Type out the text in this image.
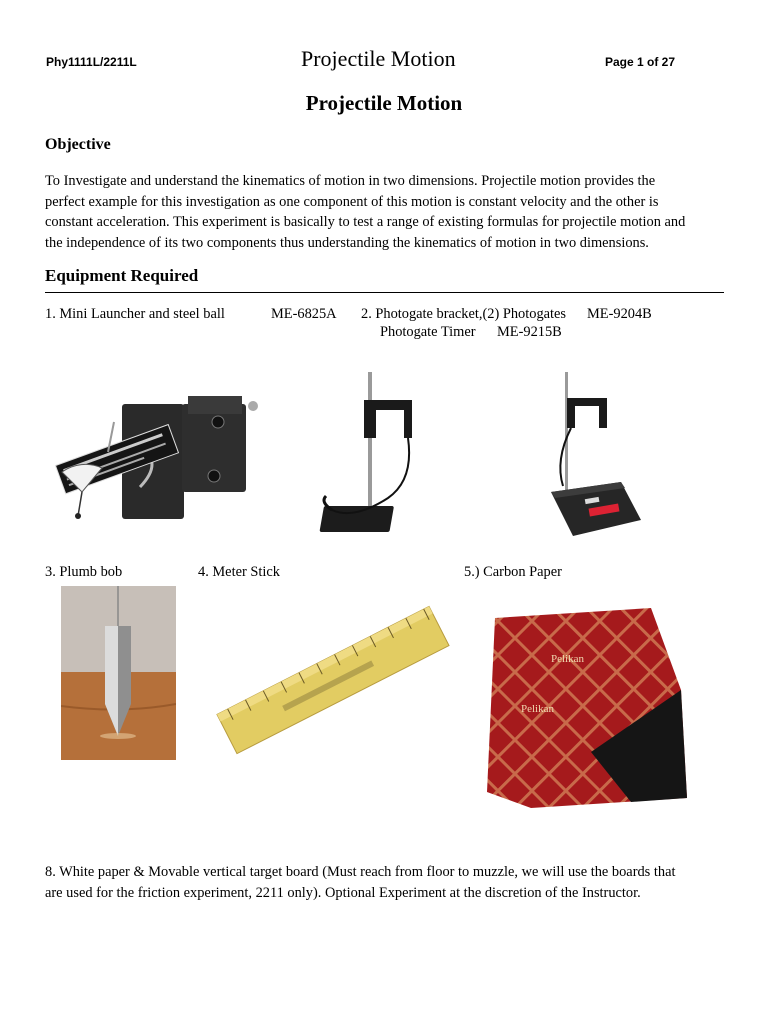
Phy1111L/2211L	Projectile Motion	Page 1 of 27
Projectile Motion
Objective
To Investigate and understand the kinematics of motion in two dimensions. Projectile motion provides the
perfect example for this investigation as one component of this motion is constant velocity and the other is
constant acceleration. This experiment is basically to test a range of existing formulas for projectile motion and
the independence of its two components thus understanding the kinematics of motion in two dimensions.
Equipment Required
1. Mini Launcher and steel ball	ME-6825A 2. Photogate bracket,(2) Photogates ME-9204B
Photogate Timer ME-9215B
3. Plumb bob	4. Meter Stick	5.) Carbon Paper
Pelikan
Pelikan
8. White paper & Movable vertical target board (Must reach from floor to muzzle, we will use the boards that
are used for the friction experiment, 2211 only). Optional Experiment at the discretion of the Instructor.
